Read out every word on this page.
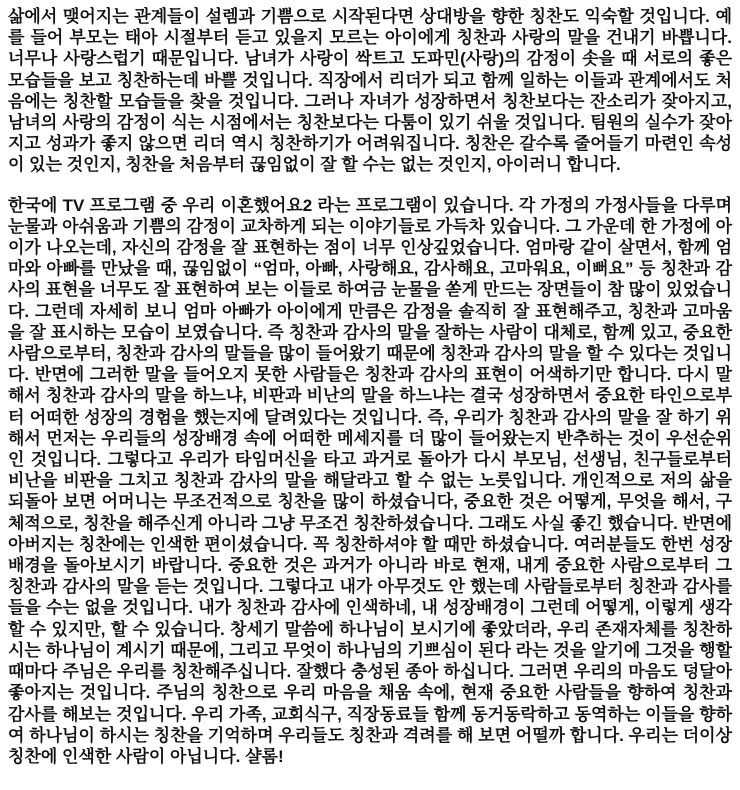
삶에서 맺어지는 관계들이 설렘과 기쁨으로 시작된다면 상대방을 향한 칭찬도 익숙할 것입니다. 예를 들어 부모는 태아 시절부터 듣고 있을지 모르는 아이에게 칭찬과 사랑의 말을 건내기 바쁩니다. 너무나 사랑스럽기 때문입니다. 남녀가 사랑이 싹트고 도파민(사랑)의 감정이 솟을 때 서로의 좋은 모습들을 보고 칭찬하는데 바쁠 것입니다. 직장에서 리더가 되고 함께 일하는 이들과 관계에서도 처음에는 칭찬할 모습들을 찾을 것입니다. 그러나 자녀가 성장하면서 칭찬보다는 잔소리가 잦아지고, 남녀의 사랑의 감정이 식는 시점에서는 칭찬보다는 다툼이 있기 쉬울 것입니다. 팀원의 실수가 잦아지고 성과가 좋지 않으면 리더 역시 칭찬하기가 어려워집니다. 칭찬은 갈수록 줄어들기 마련인 속성이 있는 것인지, 칭찬을 처음부터 끊임없이 잘 할 수는 없는 것인지, 아이러니 합니다.

한국에 TV 프로그램 중 우리 이혼했어요2 라는 프로그램이 있습니다. 각 가정의 가정사들을 다루며 눈물과 아쉬움과 기쁨의 감정이 교차하게 되는 이야기들로 가득차 있습니다. 그 가운데 한 가정에 아이가 나오는데, 자신의 감정을 잘 표현하는 점이 너무 인상깊었습니다. 엄마랑 같이 살면서, 함께 엄마와 아빠를 만났을 때, 끊임없이 “엄마, 아빠, 사랑해요, 감사해요, 고마워요, 이뻐요” 등 칭찬과 감사의 표현을 너무도 잘 표현하여 보는 이들로 하여금 눈물을 쏟게 만드는 장면들이 참 많이 있었습니다. 그런데 자세히 보니 엄마 아빠가 아이에게 만큼은 감정을 솔직히 잘 표현해주고, 칭찬과 고마움을 잘 표시하는 모습이 보였습니다. 즉 칭찬과 감사의 말을 잘하는 사람이 대체로, 함께 있고, 중요한 사람으로부터, 칭찬과 감사의 말들을 많이 들어왔기 때문에 칭찬과 감사의 말을 할 수 있다는 것입니다. 반면에 그러한 말을 들어오지 못한 사람들은 칭찬과 감사의 표현이 어색하기만 합니다. 다시 말해서 칭찬과 감사의 말을 하느냐, 비판과 비난의 말을 하느냐는 결국 성장하면서 중요한 타인으로부터 어떠한 성장의 경험을 했는지에 달려있다는 것입니다. 즉, 우리가 칭찬과 감사의 말을 잘 하기 위해서 먼저는 우리들의 성장배경 속에 어떠한 메세지를 더 많이 들어왔는지 반추하는 것이 우선순위인 것입니다. 그렇다고 우리가 타임머신을 타고 과거로 돌아가 다시 부모님, 선생님, 친구들로부터 비난을 비판을 그치고 칭찬과 감사의 말을 해달라고 할 수 없는 노릇입니다. 개인적으로 저의 삶을 되돌아 보면 어머니는 무조건적으로 칭찬을 많이 하셨습니다, 중요한 것은 어떻게, 무엇을 해서, 구체적으로, 칭찬을 해주신게 아니라 그냥 무조건 칭찬하셨습니다. 그래도 사실 좋긴 했습니다. 반면에 아버지는 칭찬에는 인색한 편이셨습니다. 꼭 칭찬하셔야 할 때만 하셨습니다. 여러분들도 한번 성장배경을 돌아보시기 바랍니다. 중요한 것은 과거가 아니라 바로 현재, 내게 중요한 사람으로부터 그 칭찬과 감사의 말을 듣는 것입니다. 그렇다고 내가 아무것도 안 했는데 사람들로부터 칭찬과 감사를 들을 수는 없을 것입니다. 내가 칭찬과 감사에 인색하네, 내 성장배경이 그런데 어떻게, 이렇게 생각할 수 있지만, 할 수 있습니다. 창세기 말씀에 하나님이 보시기에 좋았더라, 우리 존재자체를 칭찬하시는 하나님이 계시기 때문에, 그리고 무엇이 하나님의 기쁘심이 된다 라는 것을 알기에 그것을 행할 때마다 주님은 우리를 칭찬해주십니다. 잘했다 충성된 종아 하십니다. 그러면 우리의 마음도 덩달아 좋아지는 것입니다. 주님의 칭찬으로 우리 마음을 채움 속에, 현재 중요한 사람들을 향하여 칭찬과 감사를 해보는 것입니다. 우리 가족, 교회식구, 직장동료들 함께 동거동락하고 동역하는 이들을 향하여 하나님이 하시는 칭찬을 기억하며 우리들도 칭찬과 격려를 해 보면 어떨까 합니다. 우리는 더이상 칭찬에 인색한 사람이 아닙니다. 샬롬!
